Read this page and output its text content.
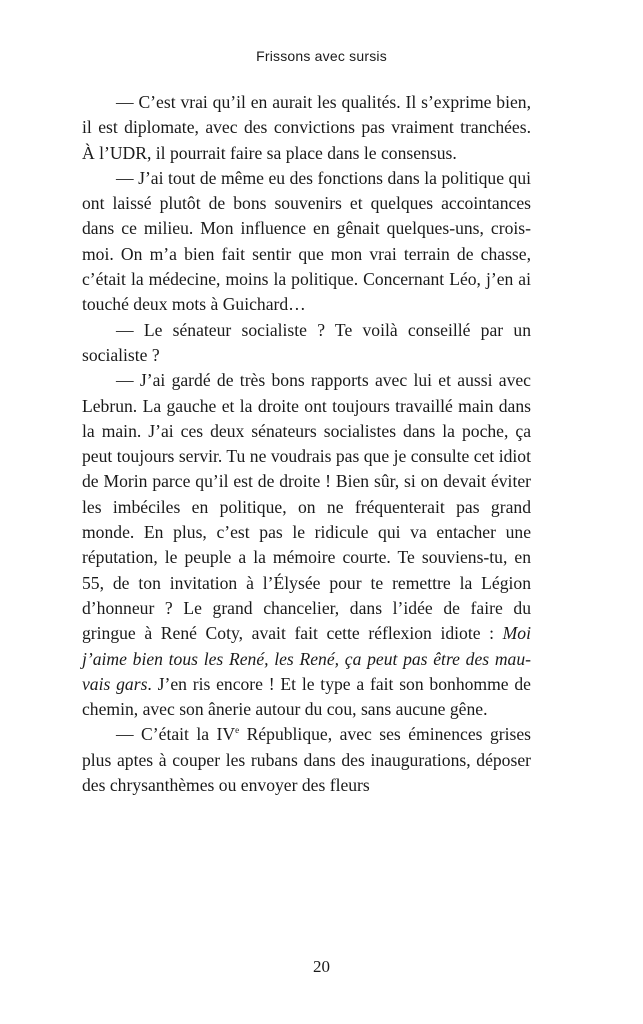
Frissons avec sursis

— C’est vrai qu’il en aurait les qualités. Il s’exprime bien, il est diplomate, avec des convictions pas vraiment tranchées. À l’UDR, il pourrait faire sa place dans le consensus.

— J’ai tout de même eu des fonctions dans la politique qui ont laissé plutôt de bons souvenirs et quelques accointances dans ce milieu. Mon influence en gênait quelques-uns, crois-moi. On m’a bien fait sentir que mon vrai terrain de chasse, c’était la médecine, moins la politique. Concernant Léo, j’en ai touché deux mots à Guichard…

— Le sénateur socialiste ? Te voilà conseillé par un socialiste ?

— J’ai gardé de très bons rapports avec lui et aussi avec Lebrun. La gauche et la droite ont toujours travaillé main dans la main. J’ai ces deux sénateurs socialistes dans la poche, ça peut toujours servir. Tu ne voudrais pas que je consulte cet idiot de Morin parce qu’il est de droite ! Bien sûr, si on devait éviter les imbéciles en politique, on ne fréquenterait pas grand monde. En plus, c’est pas le ridicule qui va entacher une réputation, le peuple a la mémoire courte. Te souviens-tu, en 55, de ton invitation à l’Élysée pour te remettre la Légion d’honneur ? Le grand chancelier, dans l’idée de faire du gringue à René Coty, avait fait cette réflexion idiote : Moi j’aime bien tous les René, les René, ça peut pas être des mauvais gars. J’en ris encore ! Et le type a fait son bonhomme de chemin, avec son ânerie autour du cou, sans aucune gêne.

— C’était la IVe République, avec ses éminences grises plus aptes à couper les rubans dans des inaugurations, déposer des chrysanthèmes ou envoyer des fleurs

20
